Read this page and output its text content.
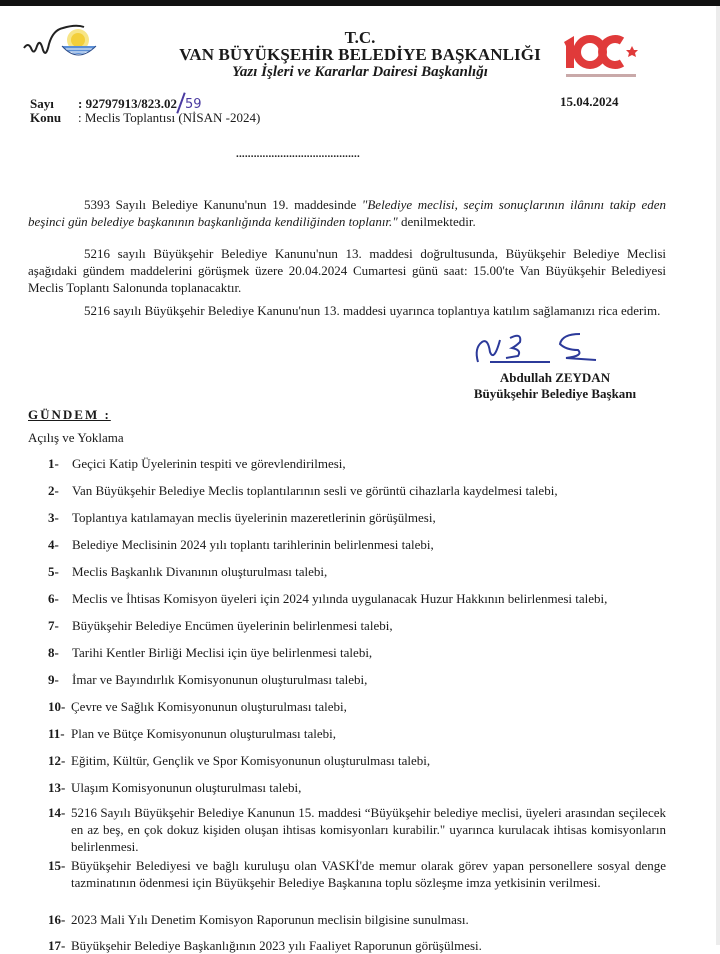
T.C.
VAN BÜYÜKŞEHİR BELEDİYE BAŞKANLIĞI
Yazı İşleri ve Kararlar Dairesi Başkanlığı
Sayı : 92797913/823.02 59
Konu : Meclis Toplantısı (NİSAN -2024)
15.04.2024
..........................................
5393 Sayılı Belediye Kanunu'nun 19. maddesinde "Belediye meclisi, seçim sonuçlarının ilânını takip eden beşinci gün belediye başkanının başkanlığında kendiliğinden toplanır." denilmektedir.
5216 sayılı Büyükşehir Belediye Kanunu'nun 13. maddesi doğrultusunda, Büyükşehir Belediye Meclisi aşağıdaki gündem maddelerini görüşmek üzere 20.04.2024 Cumartesi günü saat: 15.00'te Van Büyükşehir Belediyesi Meclis Toplantı Salonunda toplanacaktır.
5216 sayılı Büyükşehir Belediye Kanunu'nun 13. maddesi uyarınca toplantıya katılım sağlamanızı rica ederim.
Abdullah ZEYDAN
Büyükşehir Belediye Başkanı
GÜNDEM :
Açılış ve Yoklama
1-	Geçici Katip Üyelerinin tespiti ve görevlendirilmesi,
2-	Van Büyükşehir Belediye Meclis toplantılarının sesli ve görüntü cihazlarla kaydelmesi talebi,
3-	Toplantıya katılamayan meclis üyelerinin mazeretlerinin görüşülmesi,
4-	Belediye Meclisinin 2024 yılı toplantı tarihlerinin belirlenmesi talebi,
5-	Meclis Başkanlık Divanının oluşturulması talebi,
6-	Meclis ve İhtisas Komisyon üyeleri için 2024 yılında uygulanacak Huzur Hakkının belirlenmesi talebi,
7-	Büyükşehir Belediye Encümen üyelerinin belirlenmesi talebi,
8-	Tarihi Kentler Birliği Meclisi için üye belirlenmesi talebi,
9-	İmar ve Bayındırlık Komisyonunun oluşturulması talebi,
10- Çevre ve Sağlık Komisyonunun oluşturulması talebi,
11- Plan ve Bütçe Komisyonunun oluşturulması talebi,
12- Eğitim, Kültür, Gençlik ve Spor Komisyonunun oluşturulması talebi,
13- Ulaşım Komisyonunun oluşturulması talebi,
14- 5216 Sayılı Büyükşehir Belediye Kanunun 15. maddesi “Büyükşehir belediye meclisi, üyeleri arasından seçilecek en az beş, en çok dokuz kişiden oluşan ihtisas komisyonları kurabilir." uyarınca kurulacak ihtisas komisyonların belirlenmesi.
15- Büyükşehir Belediyesi ve bağlı kuruluşu olan VASKİ'de memur olarak görev yapan personellere sosyal denge tazminatının ödenmesi için Büyükşehir Belediye Başkanına toplu sözleşme imza yetkisinin verilmesi.
16- 2023 Mali Yılı Denetim Komisyon Raporunun meclisin bilgisine sunulması.
17- Büyükşehir Belediye Başkanlığının 2023 yılı Faaliyet Raporunun görüşülmesi.
